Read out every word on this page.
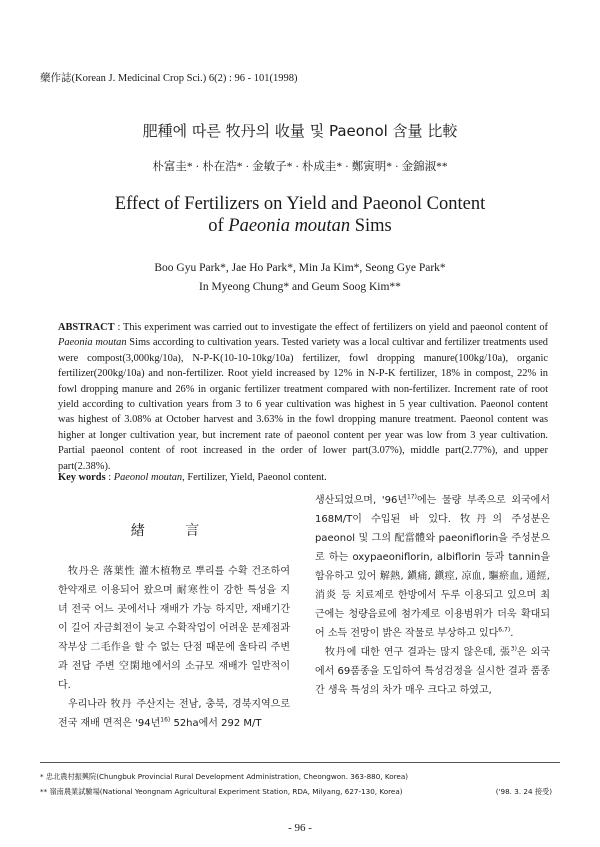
藥作誌(Korean J. Medicinal Crop Sci.) 6(2) : 96 - 101(1998)
肥種에 따른 牧丹의 收量 및 Paeonol 含量 比較
朴富圭* · 朴在浩* · 金敏子* · 朴成圭* · 鄭寅明* · 金錦淑**
Effect of Fertilizers on Yield and Paeonol Content
of Paeonia moutan Sims
Boo Gyu Park*, Jae Ho Park*, Min Ja Kim*, Seong Gye Park*
In Myeong Chung* and Geum Soog Kim**
ABSTRACT : This experiment was carried out to investigate the effect of fertilizers on yield and paeonol content of Paeonia moutan Sims according to cultivation years. Tested variety was a local cultivar and fertilizer treatments used were compost(3,000kg/10a), N-P-K(10-10-10kg/10a) fertilizer, fowl dropping manure(100kg/10a), organic fertilizer(200kg/10a) and non-fertilizer. Root yield increased by 12% in N-P-K fertilizer, 18% in compost, 22% in fowl dropping manure and 26% in organic fertilizer treatment compared with non-fertilizer. Increment rate of root yield according to cultivation years from 3 to 6 year cultivation was highest in 5 year cultivation. Paeonol content was highest of 3.08% at October harvest and 3.63% in the fowl dropping manure treatment. Paeonol content was higher at longer cultivation year, but increment rate of paeonol content per year was low from 3 year cultivation. Partial paeonol content of root increased in the order of lower part(3.07%), middle part(2.77%), and upper part(2.38%).
Key words : Paeonol moutan, Fertilizer, Yield, Paeonol content.
緖 言

牧丹은 落葉性 灌木植物로 뿌리를 수확 건조하여 한약재로 이용되어 왔으며 耐寒性이 강한 특성을 지녀 전국 어느 곳에서나 재배가 가능 하지만, 재배기간이 길어 자금회전이 늦고 수확작업이 어려운 문제점과 작부상 二毛作을 할 수 없는 단점 때문에 울타리 주변과 전답 주변 空閑地에서의 소규모 재배가 일반적이다.

우리나라 牧丹 주산지는 전남, 충북, 경북지역으로 전국 재배 면적은 '94년$^{16)}$ 52ha에서 292 M/T

생산되었으며, '96년$^{17)}$에는 물량 부족으로 외국에서 168M/T이 수입된 바 있다. 牧丹의 주성분은 paeonol 및 그의 配當體와 paeoniflorin을 주성분으로 하는 oxypaeoniflorin, albiflorin 등과 tannin을 함유하고 있어 解熱, 鎭痛, 鎭痙, 凉血, 驅瘀血, 通經, 消炎 등 치료제로 한방에서 두루 이용되고 있으며 최근에는 청량음료에 첨가제로 이용범위가 더욱 확대되어 소득 전망이 밝은 작물로 부상하고 있다$^{6,7)}$.

牧丹에 대한 연구 결과는 많지 않은데, 張$^{3)}$은 외국에서 69품종을 도입하여 특성검정을 실시한 결과 품종간 생육 특성의 차가 매우 크다고 하였고,

* 忠北農村振興院(Chungbuk Provincial Rural Development Administration, Cheongwon. 363-880, Korea)
** 嶺南農業試驗場(National Yeongnam Agricultural Experiment Station, RDA, Milyang, 627-130, Korea)	('98. 3. 24 接受)
- 96 -
